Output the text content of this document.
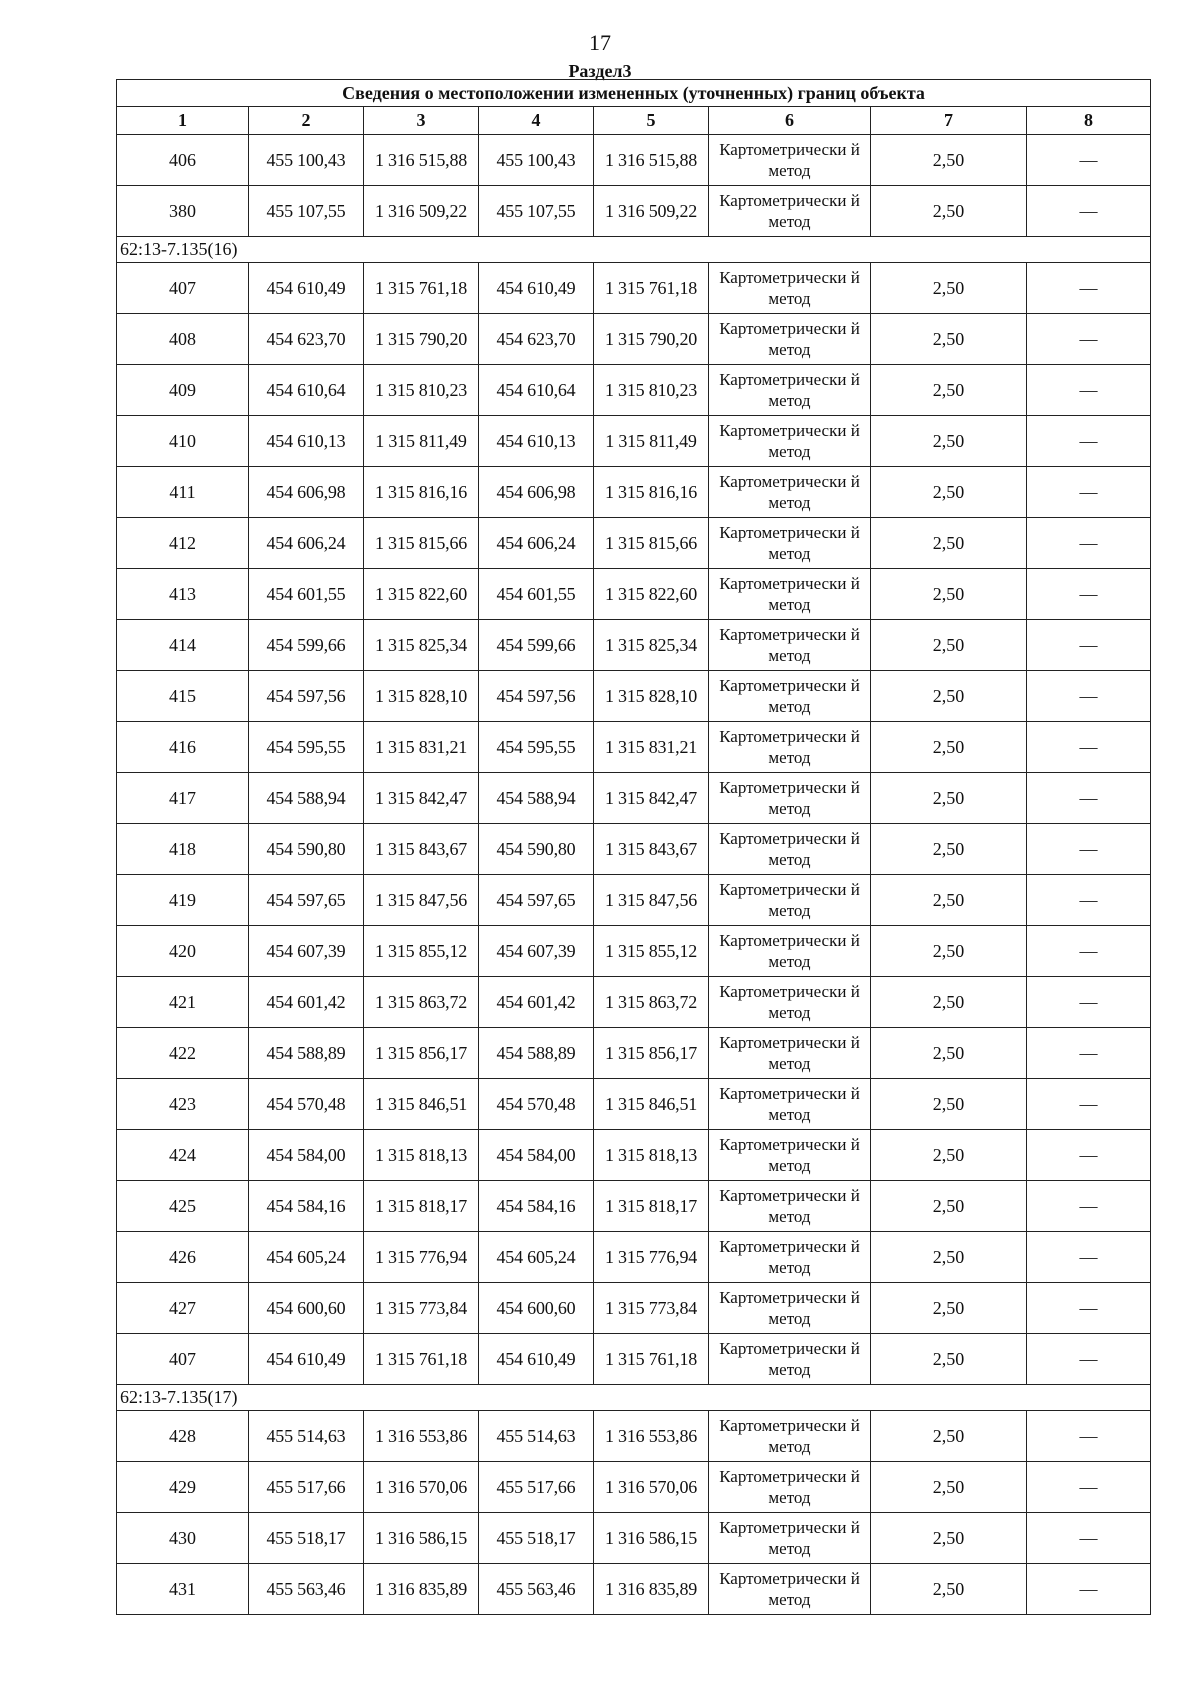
17
Раздел3
Сведения о местоположении измененных (уточненных) границ объекта							
1	2	3	4	5	6	7	8
406	455 100,43	1 316 515,88	455 100,43	1 316 515,88	Картометрически й метод	2,50	—
380	455 107,55	1 316 509,22	455 107,55	1 316 509,22	Картометрически й метод	2,50	—
62:13-7.135(16)							
407	454 610,49	1 315 761,18	454 610,49	1 315 761,18	Картометрически й метод	2,50	—
408	454 623,70	1 315 790,20	454 623,70	1 315 790,20	Картометрически й метод	2,50	—
409	454 610,64	1 315 810,23	454 610,64	1 315 810,23	Картометрически й метод	2,50	—
410	454 610,13	1 315 811,49	454 610,13	1 315 811,49	Картометрически й метод	2,50	—
411	454 606,98	1 315 816,16	454 606,98	1 315 816,16	Картометрически й метод	2,50	—
412	454 606,24	1 315 815,66	454 606,24	1 315 815,66	Картометрически й метод	2,50	—
413	454 601,55	1 315 822,60	454 601,55	1 315 822,60	Картометрически й метод	2,50	—
414	454 599,66	1 315 825,34	454 599,66	1 315 825,34	Картометрически й метод	2,50	—
415	454 597,56	1 315 828,10	454 597,56	1 315 828,10	Картометрически й метод	2,50	—
416	454 595,55	1 315 831,21	454 595,55	1 315 831,21	Картометрически й метод	2,50	—
417	454 588,94	1 315 842,47	454 588,94	1 315 842,47	Картометрически й метод	2,50	—
418	454 590,80	1 315 843,67	454 590,80	1 315 843,67	Картометрически й метод	2,50	—
419	454 597,65	1 315 847,56	454 597,65	1 315 847,56	Картометрически й метод	2,50	—
420	454 607,39	1 315 855,12	454 607,39	1 315 855,12	Картометрически й метод	2,50	—
421	454 601,42	1 315 863,72	454 601,42	1 315 863,72	Картометрически й метод	2,50	—
422	454 588,89	1 315 856,17	454 588,89	1 315 856,17	Картометрически й метод	2,50	—
423	454 570,48	1 315 846,51	454 570,48	1 315 846,51	Картометрически й метод	2,50	—
424	454 584,00	1 315 818,13	454 584,00	1 315 818,13	Картометрически й метод	2,50	—
425	454 584,16	1 315 818,17	454 584,16	1 315 818,17	Картометрически й метод	2,50	—
426	454 605,24	1 315 776,94	454 605,24	1 315 776,94	Картометрически й метод	2,50	—
427	454 600,60	1 315 773,84	454 600,60	1 315 773,84	Картометрически й метод	2,50	—
407	454 610,49	1 315 761,18	454 610,49	1 315 761,18	Картометрически й метод	2,50	—
62:13-7.135(17)							
428	455 514,63	1 316 553,86	455 514,63	1 316 553,86	Картометрически й метод	2,50	—
429	455 517,66	1 316 570,06	455 517,66	1 316 570,06	Картометрически й метод	2,50	—
430	455 518,17	1 316 586,15	455 518,17	1 316 586,15	Картометрически й метод	2,50	—
431	455 563,46	1 316 835,89	455 563,46	1 316 835,89	Картометрически й метод	2,50	—
